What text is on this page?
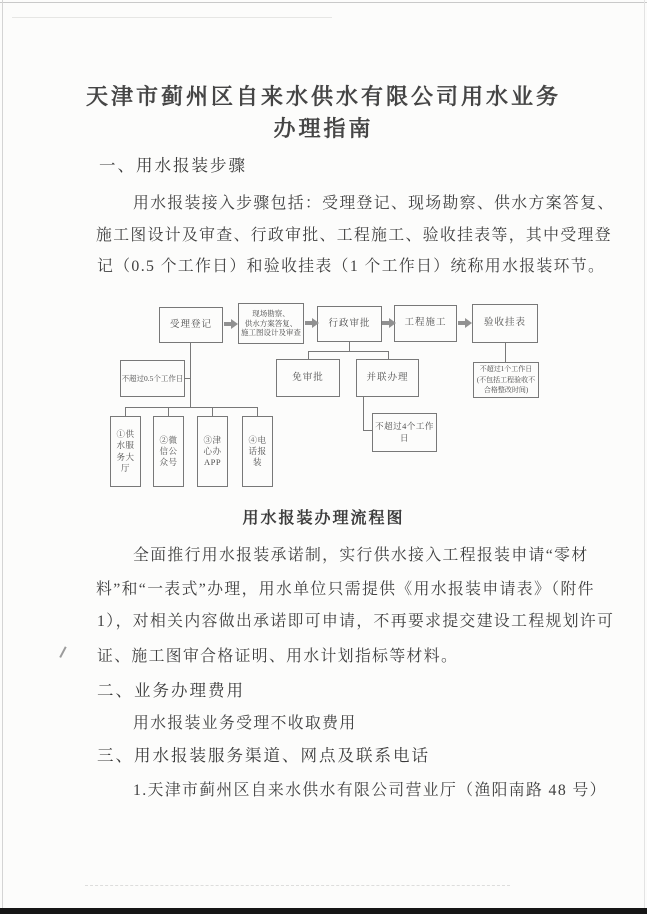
天津市蓟州区自来水供水有限公司用水业务
办理指南
一、用水报装步骤
用水报装接入步骤包括：受理登记、现场勘察、供水方案答复、
施工图设计及审查、行政审批、工程施工、验收挂表等，其中受理登
记（0.5 个工作日）和验收挂表（1 个工作日）统称用水报装环节。
受理登记
现场勘察、
供水方案答复、
施工图设计及审查
行政审批	工程施工	验收挂表
不超过0.5个工作日	免审批	并联办理
不超过4个工作日
不超过1个工作日
(不包括工程验收不
合格整改时间)
①供水服务大厅
②微信公众号
③津心办APP
④电话报装
用水报装办理流程图
全面推行用水报装承诺制，实行供水接入工程报装申请“零材
料”和“一表式”办理，用水单位只需提供《用水报装申请表》（附件
1），对相关内容做出承诺即可申请，不再要求提交建设工程规划许可
证、施工图审合格证明、用水计划指标等材料。
二、业务办理费用
用水报装业务受理不收取费用
三、用水报装服务渠道、网点及联系电话
1.天津市蓟州区自来水供水有限公司营业厅（渔阳南路 48 号）
